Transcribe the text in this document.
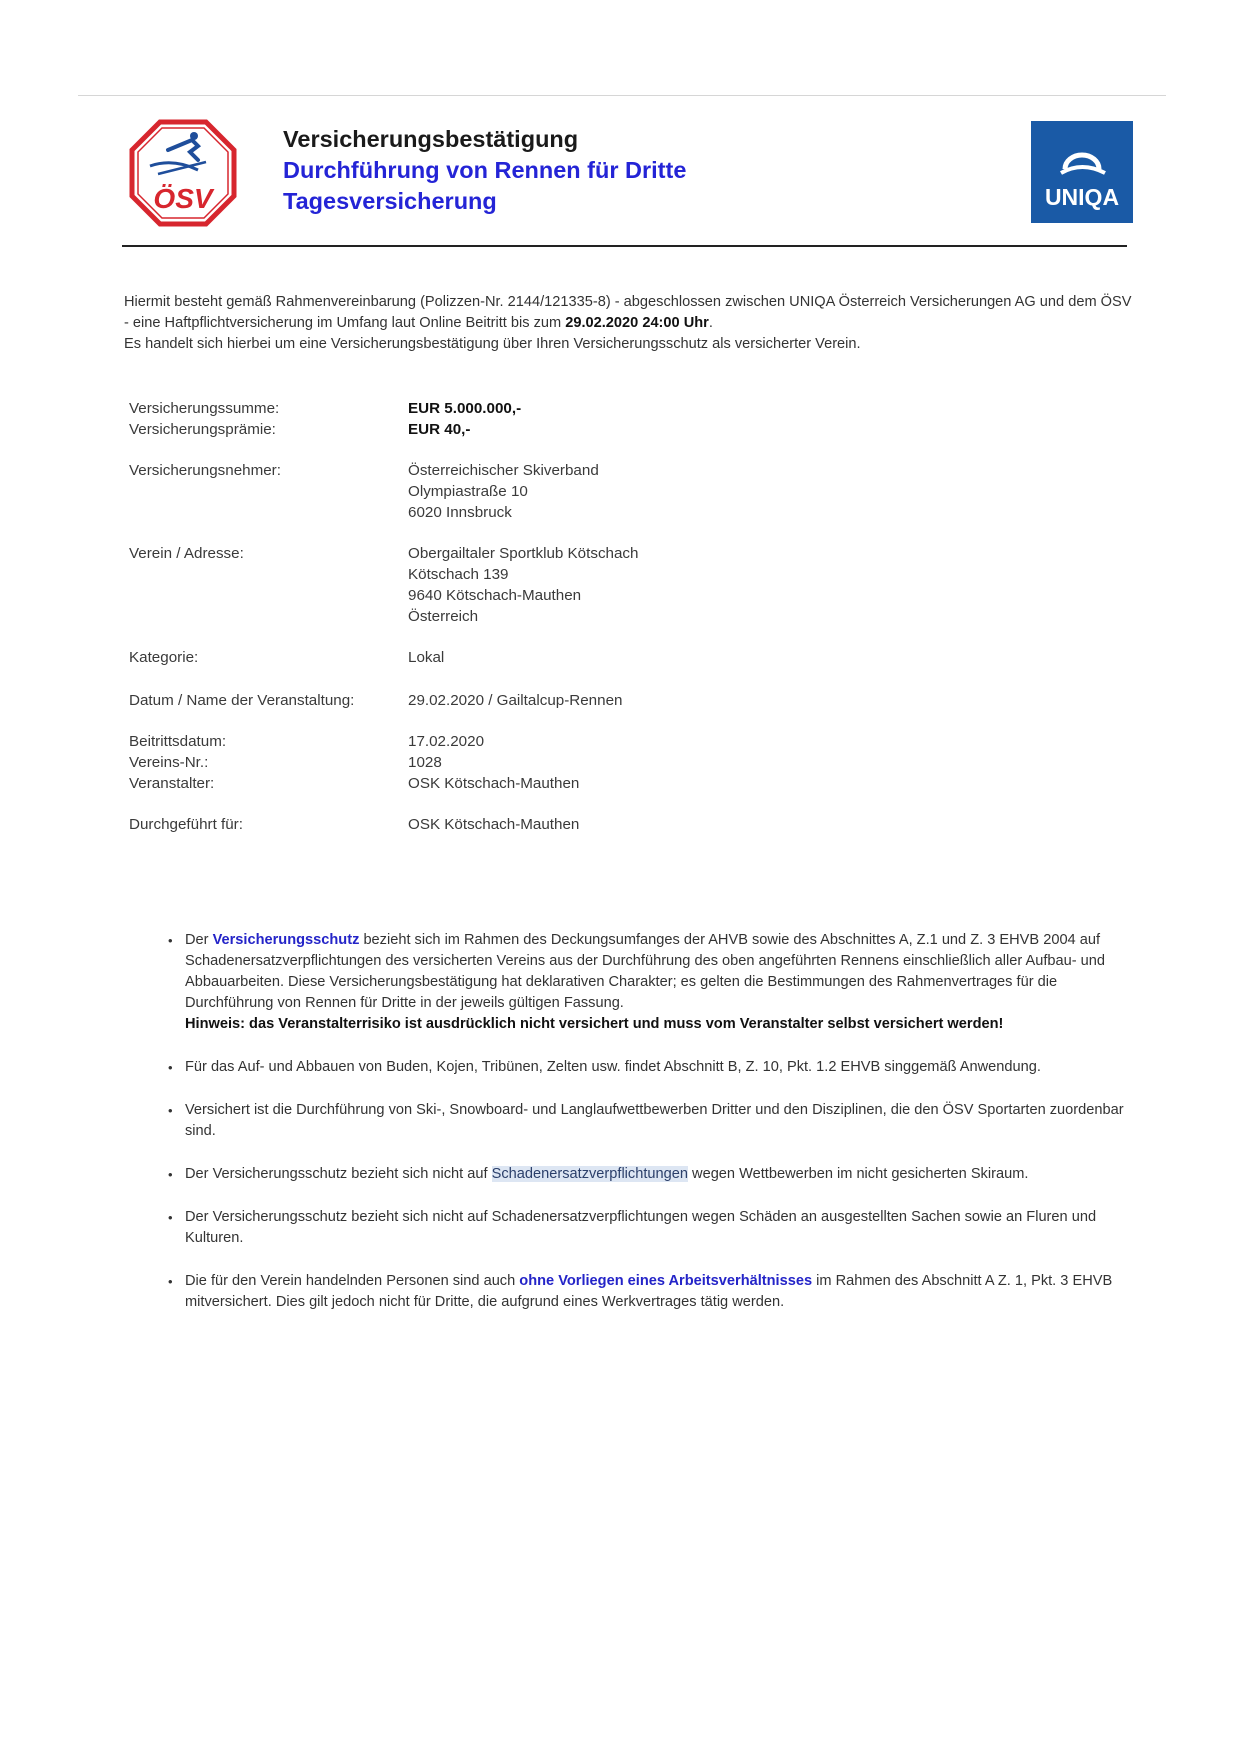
ÖSV
Versicherungsbestätigung
Durchführung von Rennen für Dritte
Tagesversicherung	UNIQA
Hiermit besteht gemäß Rahmenvereinbarung (Polizzen-Nr. 2144/121335-8) - abgeschlossen zwischen UNIQA Österreich Versicherungen AG und dem ÖSV - eine Haftpflichtversicherung im Umfang laut Online Beitritt bis zum 29.02.2020 24:00 Uhr.
Es handelt sich hierbei um eine Versicherungsbestätigung über Ihren Versicherungsschutz als versicherter Verein.
Versicherungssumme:	EUR 5.000.000,-
Versicherungsprämie:	EUR 40,-
Versicherungsnehmer:	Österreichischer Skiverband
Olympiastraße 10
6020 Innsbruck
Verein / Adresse:	Obergailtaler Sportklub Kötschach
Kötschach 139
9640 Kötschach-Mauthen
Österreich
Kategorie:	Lokal
Datum / Name der Veranstaltung:	29.02.2020 / Gailtalcup-Rennen
Beitrittsdatum:	17.02.2020
Vereins-Nr.:	1028
Veranstalter:	OSK Kötschach-Mauthen
Durchgeführt für:	OSK Kötschach-Mauthen
• Der Versicherungsschutz bezieht sich im Rahmen des Deckungsumfanges der AHVB sowie des Abschnittes A, Z.1 und Z. 3 EHVB 2004 auf Schadenersatzverpflichtungen des versicherten Vereins aus der Durchführung des oben angeführten Rennens einschließlich aller Aufbau- und Abbauarbeiten. Diese Versicherungsbestätigung hat deklarativen Charakter; es gelten die Bestimmungen des Rahmenvertrages für die Durchführung von Rennen für Dritte in der jeweils gültigen Fassung.
Hinweis: das Veranstalterrisiko ist ausdrücklich nicht versichert und muss vom Veranstalter selbst versichert werden!
• Für das Auf- und Abbauen von Buden, Kojen, Tribünen, Zelten usw. findet Abschnitt B, Z. 10, Pkt. 1.2 EHVB singgemäß Anwendung.
• Versichert ist die Durchführung von Ski-, Snowboard- und Langlaufwettbewerben Dritter und den Disziplinen, die den ÖSV Sportarten zuordenbar sind.
• Der Versicherungsschutz bezieht sich nicht auf Schadenersatzverpflichtungen wegen Wettbewerben im nicht gesicherten Skiraum.
• Der Versicherungsschutz bezieht sich nicht auf Schadenersatzverpflichtungen wegen Schäden an ausgestellten Sachen sowie an Fluren und Kulturen.
• Die für den Verein handelnden Personen sind auch ohne Vorliegen eines Arbeitsverhältnisses im Rahmen des Abschnitt A Z. 1, Pkt. 3 EHVB mitversichert. Dies gilt jedoch nicht für Dritte, die aufgrund eines Werkvertrages tätig werden.
